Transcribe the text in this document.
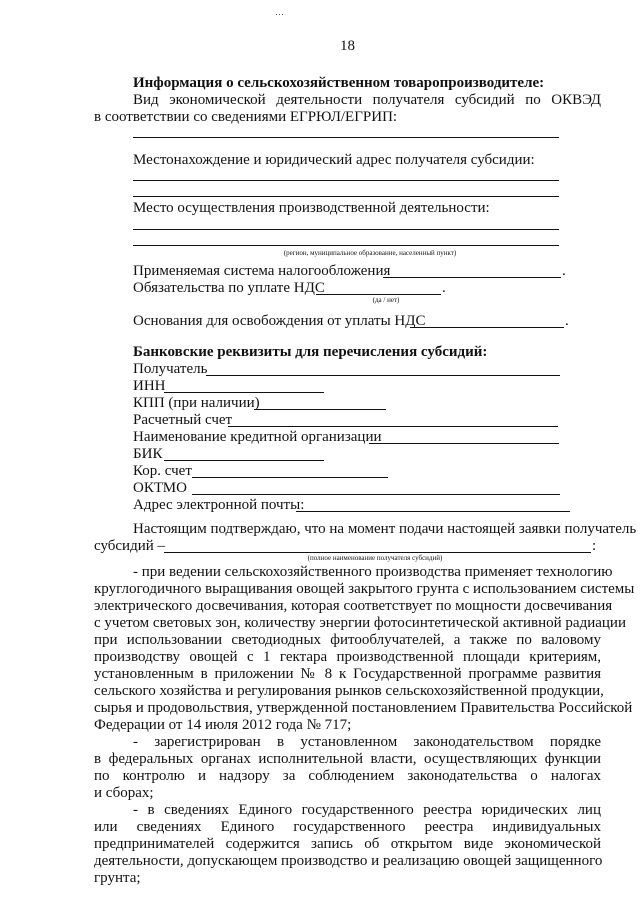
18
Информация о сельскохозяйственном товаропроизводителе:
Вид экономической деятельности получателя субсидий по ОКВЭД
в соответствии со сведениями ЕГРЮЛ/ЕГРИП:
Местонахождение и юридический адрес получателя субсидии:
Место осуществления производственной деятельности:
(регион, муниципальное образование, населенный пункт)
Применяемая система налогообложения	.
Обязательства по уплате НДС	.
(да / нет)
Основания для освобождения от уплаты НДС	.
Банковские реквизиты для перечисления субсидий:
Получатель
ИНН
КПП (при наличии)
Расчетный счет
Наименование кредитной организации
БИК
Кор. счет
ОКТМО
Адрес электронной почты:
Настоящим подтверждаю, что на момент подачи настоящей заявки получатель
субсидий –	:
(полное наименование получателя субсидий)
- при ведении сельскохозяйственного производства применяет технологию
круглогодичного выращивания овощей закрытого грунта с использованием системы
электрического досвечивания, которая соответствует по мощности досвечивания
с учетом световых зон, количеству энергии фотосинтетической активной радиации
при использовании светодиодных фитооблучателей, а также по валовому
производству овощей с 1 гектара производственной площади критериям,
установленным в приложении № 8 к Государственной программе развития
сельского хозяйства и регулирования рынков сельскохозяйственной продукции,
сырья и продовольствия, утвержденной постановлением Правительства Российской
Федерации от 14 июля 2012 года № 717;
- зарегистрирован в установленном законодательством порядке
в федеральных органах исполнительной власти, осуществляющих функции
по контролю и надзору за соблюдением законодательства о налогах
и сборах;
- в сведениях Единого государственного реестра юридических лиц
или сведениях Единого государственного реестра индивидуальных
предпринимателей содержится запись об открытом виде экономической
деятельности, допускающем производство и реализацию овощей защищенного
грунта;
